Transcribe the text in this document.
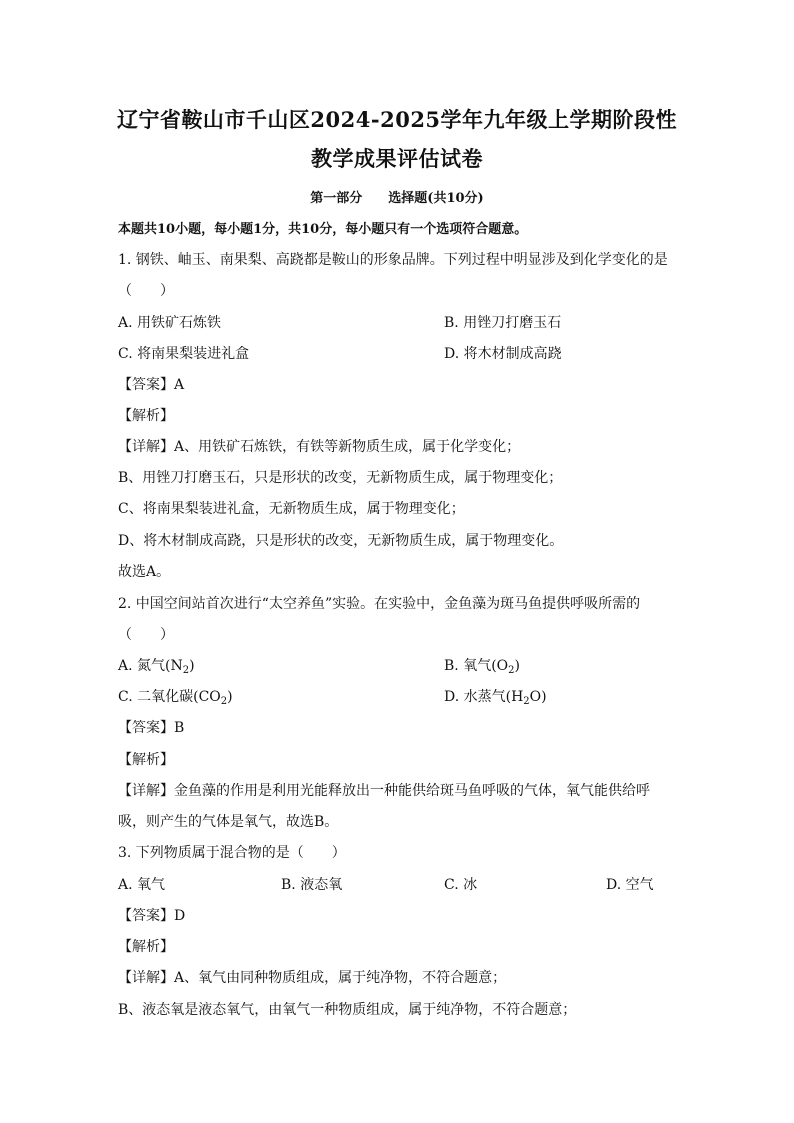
辽宁省鞍山市千山区2024-2025学年九年级上学期阶段性
教学成果评估试卷
第一部分　　选择题(共10分)
本题共10小题，每小题1分，共10分，每小题只有一个选项符合题意。
1. 钢铁、岫玉、南果梨、高跷都是鞍山的形象品牌。下列过程中明显涉及到化学变化的是
（　　）
A. 用铁矿石炼铁	B. 用锉刀打磨玉石
C. 将南果梨装进礼盒	D. 将木材制成高跷
【答案】A
【解析】
【详解】A、用铁矿石炼铁，有铁等新物质生成，属于化学变化；
B、用锉刀打磨玉石，只是形状的改变，无新物质生成，属于物理变化；
C、将南果梨装进礼盒，无新物质生成，属于物理变化；
D、将木材制成高跷，只是形状的改变，无新物质生成，属于物理变化。
故选A。
2. 中国空间站首次进行“太空养鱼”实验。在实验中，金鱼藻为斑马鱼提供呼吸所需的
（　　）
A. 氮气$(N_2)$	B. 氧气$(O_2)$
C. 二氧化碳$(CO_2)$	D. 水蒸气$(H_2O)$
【答案】B
【解析】
【详解】金鱼藻的作用是利用光能释放出一种能供给斑马鱼呼吸的气体，氧气能供给呼
吸，则产生的气体是氧气，故选B。
3. 下列物质属于混合物的是（　　）
A. 氧气	B. 液态氧	C. 冰	D. 空气
【答案】D
【解析】
【详解】A、氧气由同种物质组成，属于纯净物，不符合题意；
B、液态氧是液态氧气，由氧气一种物质组成，属于纯净物，不符合题意；
